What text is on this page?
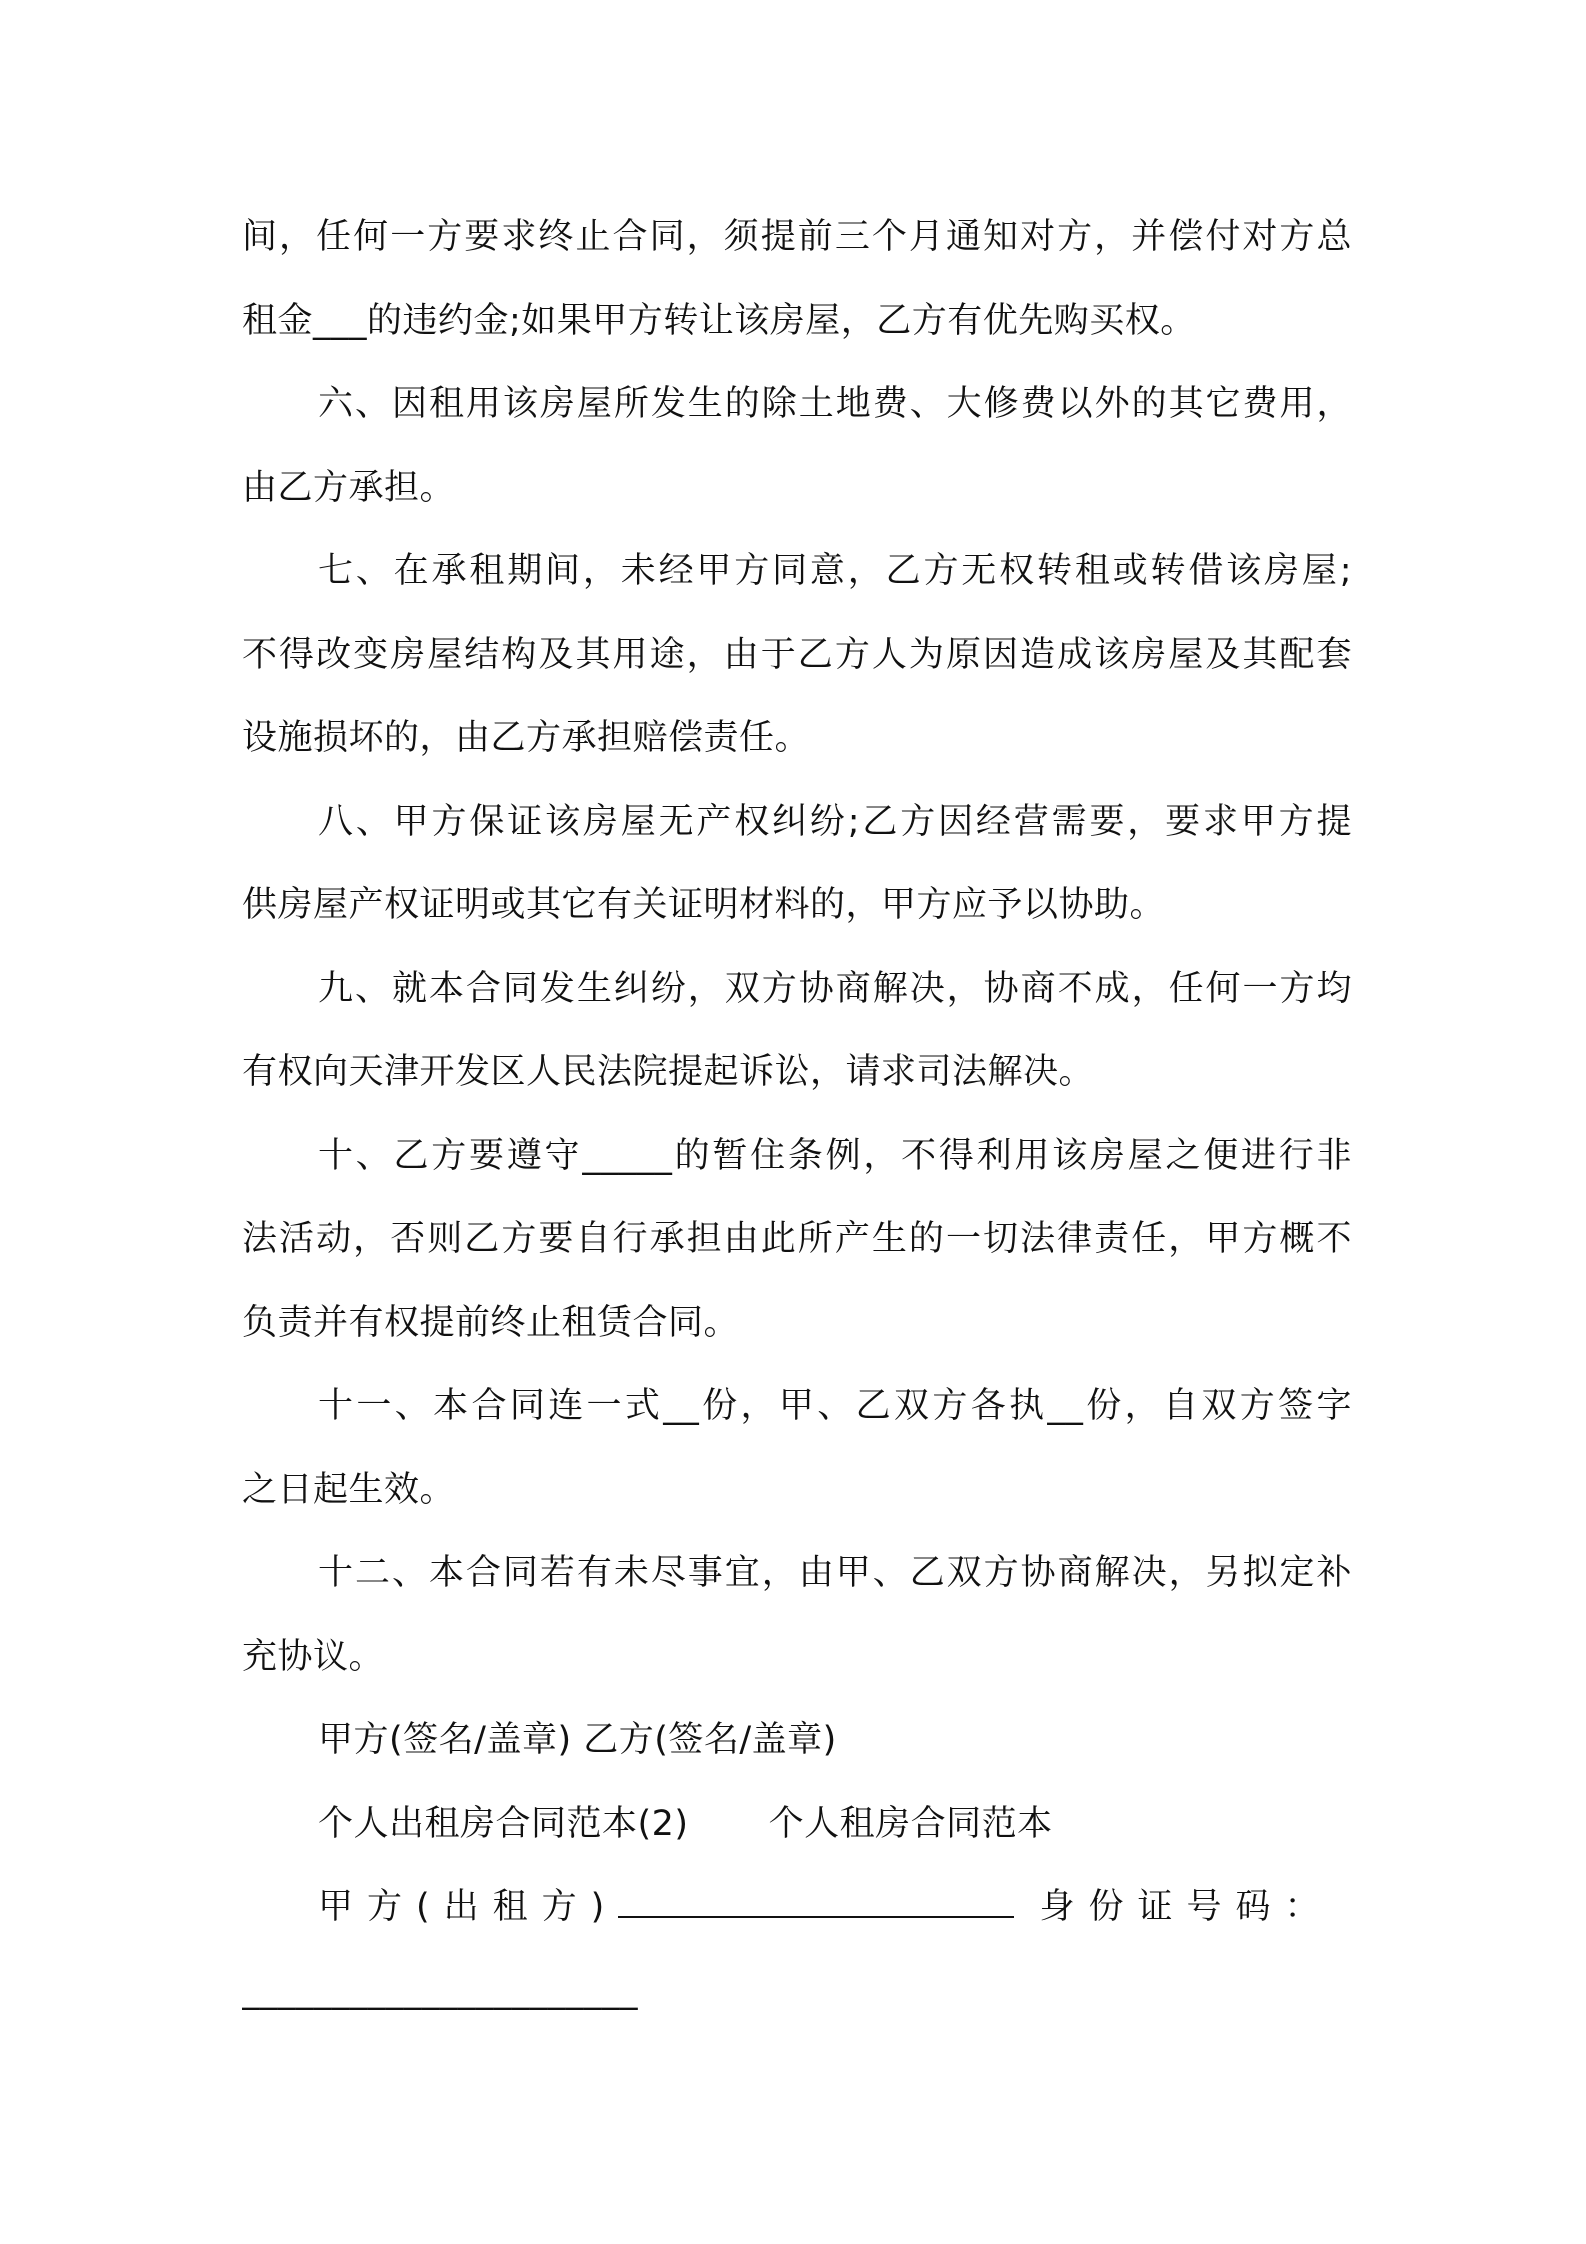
间，任何一方要求终止合同，须提前三个月通知对方，并偿付对方总
租金___的违约金;如果甲方转让该房屋，乙方有优先购买权。
六、因租用该房屋所发生的除土地费、大修费以外的其它费用，
由乙方承担。
七、在承租期间，未经甲方同意，乙方无权转租或转借该房屋;
不得改变房屋结构及其用途，由于乙方人为原因造成该房屋及其配套
设施损坏的，由乙方承担赔偿责任。
八、甲方保证该房屋无产权纠纷;乙方因经营需要，要求甲方提
供房屋产权证明或其它有关证明材料的，甲方应予以协助。
九、就本合同发生纠纷，双方协商解决，协商不成，任何一方均
有权向天津开发区人民法院提起诉讼，请求司法解决。
十、乙方要遵守_____的暂住条例，不得利用该房屋之便进行非
法活动，否则乙方要自行承担由此所产生的一切法律责任，甲方概不
负责并有权提前终止租赁合同。
十一、本合同连一式__份，甲、乙双方各执__份，自双方签字
之日起生效。
十二、本合同若有未尽事宜，由甲、乙双方协商解决，另拟定补
充协议。
甲方(签名/盖章) 乙方(签名/盖章)
个人出租房合同范本(2) 个人租房合同范本
甲方(出租方)	身份证号码：
______________________
